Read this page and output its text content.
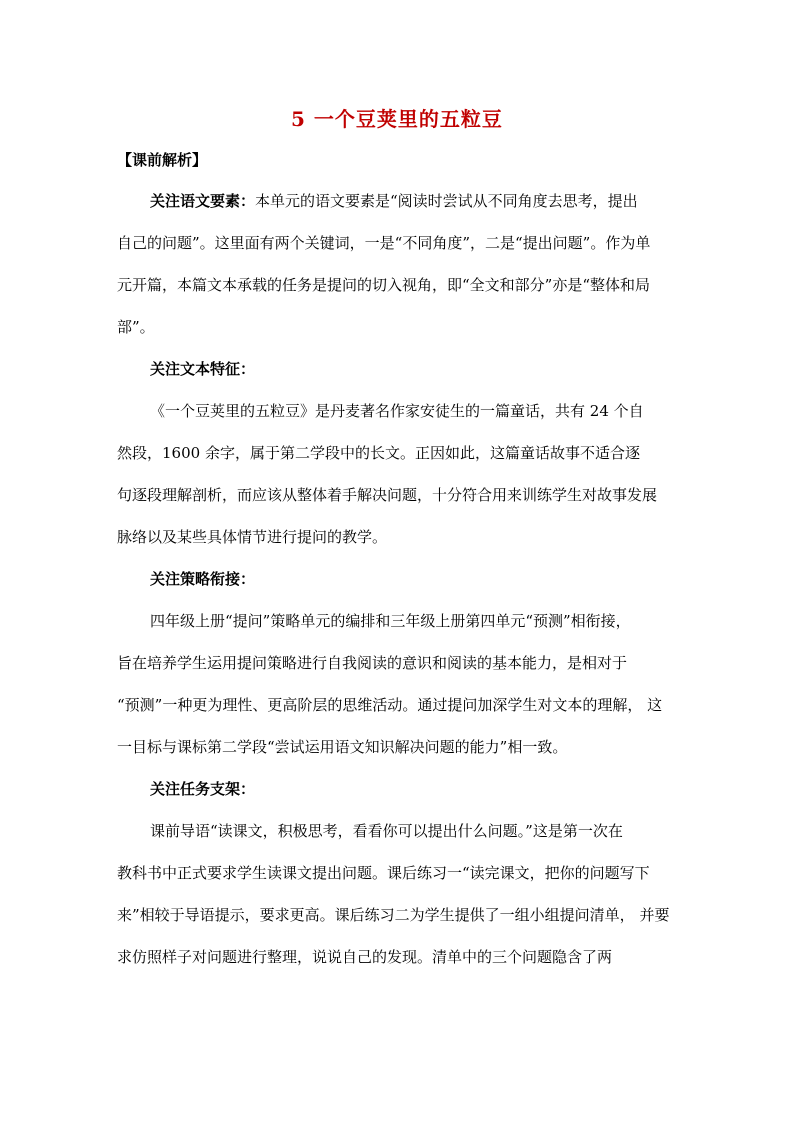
5 一个豆荚里的五粒豆
【课前解析】
关注语文要素：本单元的语文要素是“阅读时尝试从不同角度去思考，提出
自己的问题”。这里面有两个关键词，一是“不同角度”，二是“提出问题”。作为单
元开篇，本篇文本承载的任务是提问的切入视角，即“全文和部分”亦是“整体和局
部”。
关注文本特征：
《一个豆荚里的五粒豆》是丹麦著名作家安徒生的一篇童话，共有 24 个自
然段，1600 余字，属于第二学段中的长文。正因如此，这篇童话故事不适合逐
句逐段理解剖析，而应该从整体着手解决问题，十分符合用来训练学生对故事发展
脉络以及某些具体情节进行提问的教学。
关注策略衔接：
四年级上册“提问”策略单元的编排和三年级上册第四单元“预测”相衔接，
旨在培养学生运用提问策略进行自我阅读的意识和阅读的基本能力，是相对于
“预测”一种更为理性、更高阶层的思维活动。通过提问加深学生对文本的理解， 这
一目标与课标第二学段“尝试运用语文知识解决问题的能力”相一致。
关注任务支架：
课前导语“读课文，积极思考，看看你可以提出什么问题。”这是第一次在
教科书中正式要求学生读课文提出问题。课后练习一“读完课文，把你的问题写下
来”相较于导语提示，要求更高。课后练习二为学生提供了一组小组提问清单， 并要
求仿照样子对问题进行整理，说说自己的发现。清单中的三个问题隐含了两
